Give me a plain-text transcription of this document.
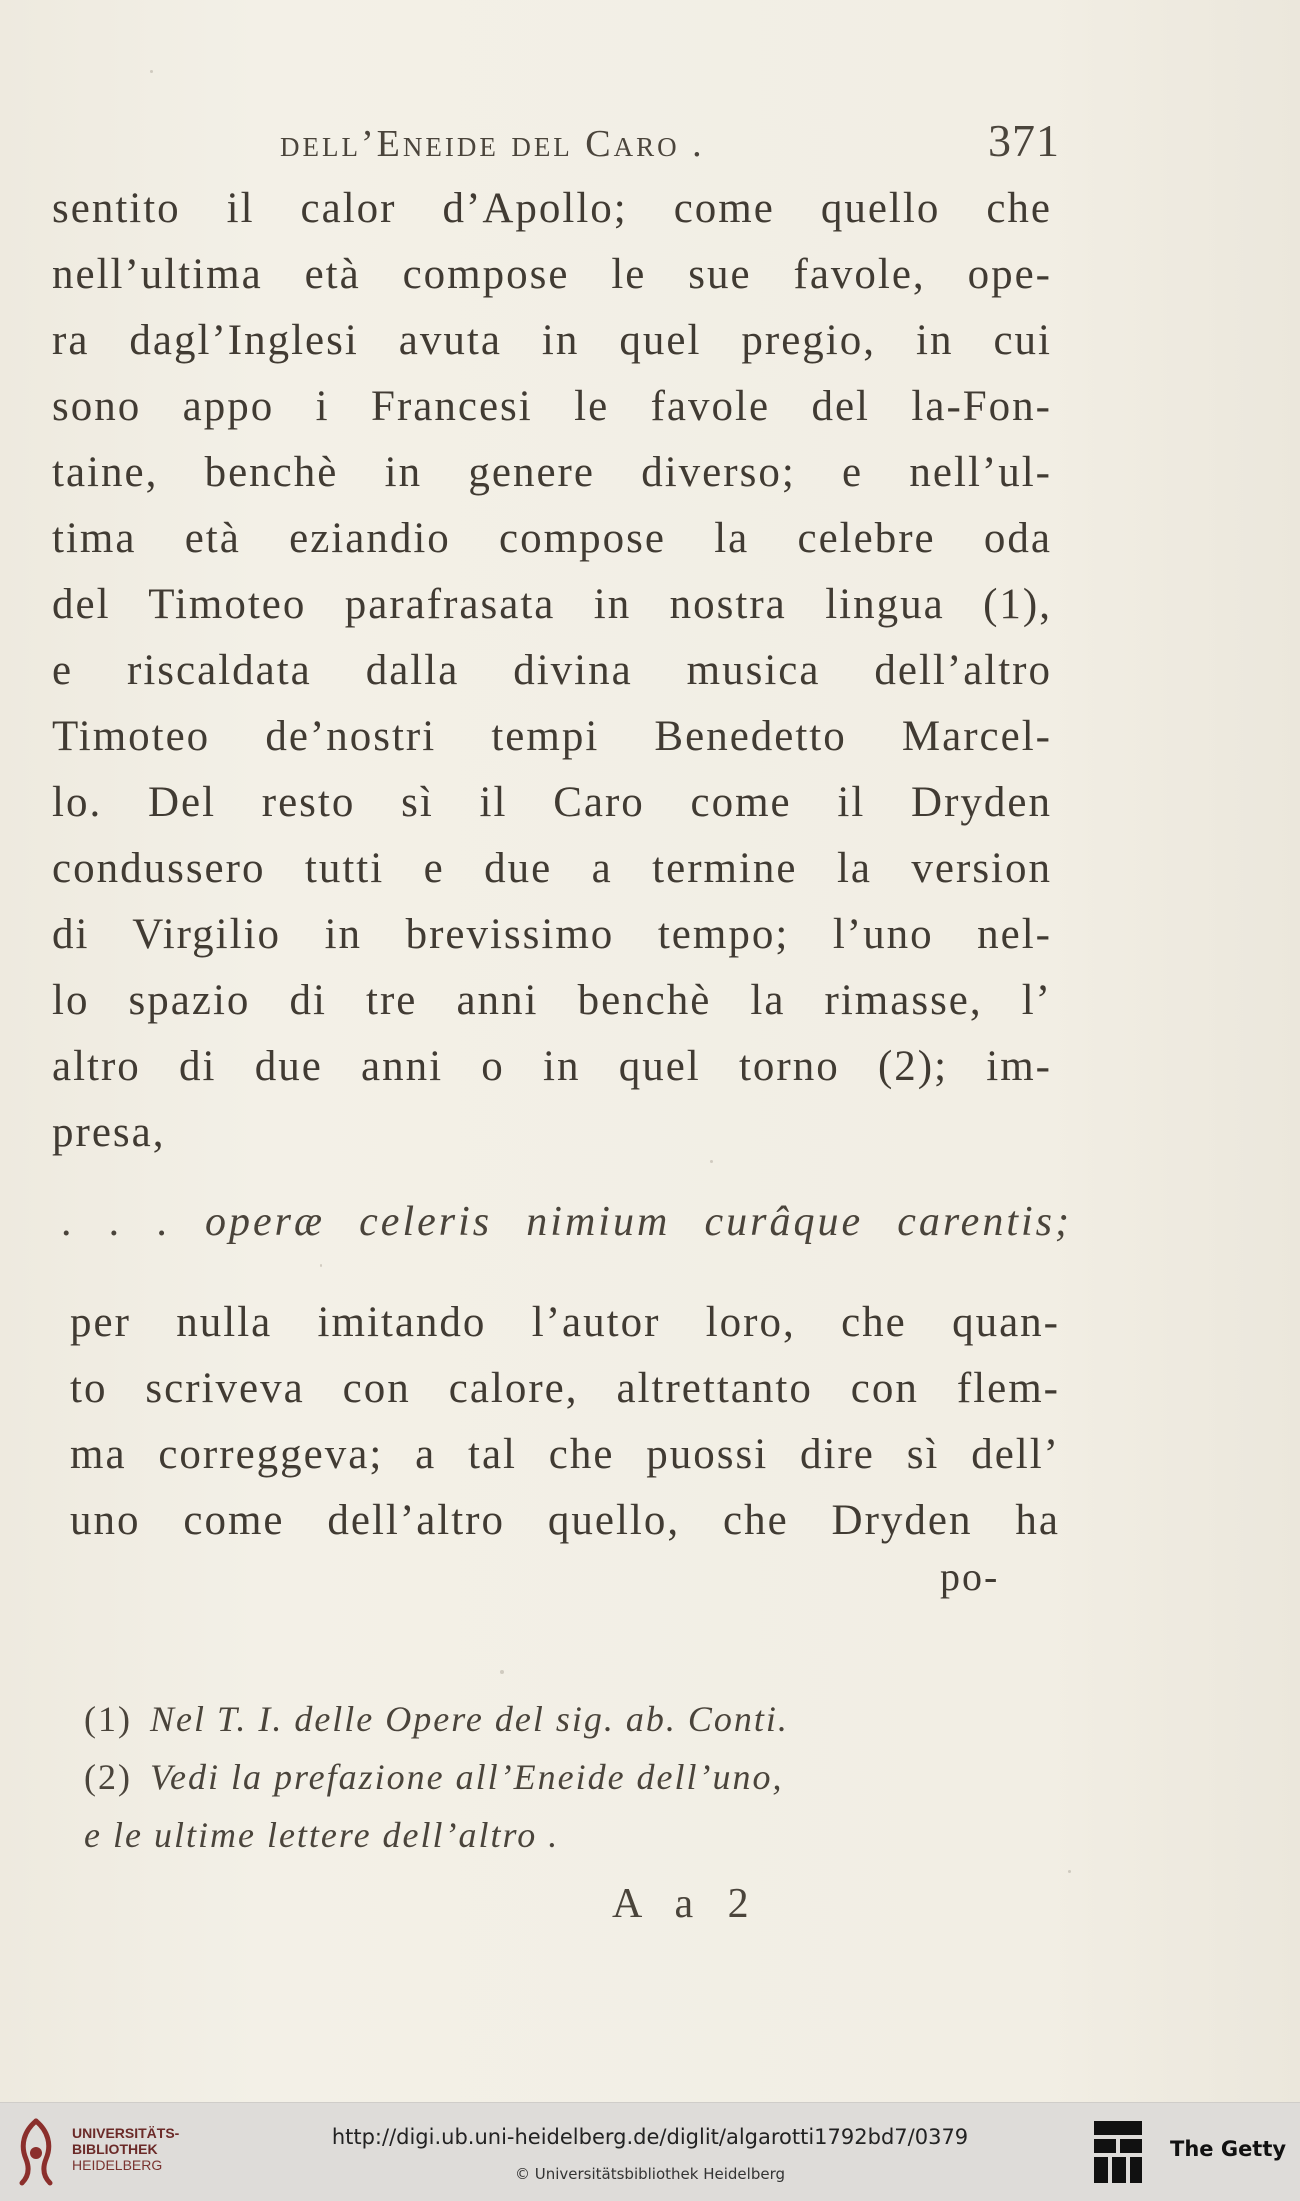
dell’Eneide del Caro .	371
sentito il calor d’Apollo; come quello che
nell’ultima età compose le sue favole, ope-
ra dagl’Inglesi avuta in quel pregio, in cui
sono appo i Francesi le favole del la-Fon-
taine, benchè in genere diverso; e nell’ul-
tima età eziandio compose la celebre oda
del Timoteo parafrasata in nostra lingua (1),
e riscaldata dalla divina musica dell’altro
Timoteo de’nostri tempi Benedetto Marcel-
lo. Del resto sì il Caro come il Dryden
condussero tutti e due a termine la version
di Virgilio in brevissimo tempo; l’uno nel-
lo spazio di tre anni benchè la rimasse, l’
altro di due anni o in quel torno (2); im-
presa,
. . . operæ celeris nimium curâque carentis;
per nulla imitando l’autor loro, che quan-
to scriveva con calore, altrettanto con flem-
ma correggeva; a tal che puossi dire sì dell’
uno come dell’altro quello, che Dryden ha
po-
(1) Nel T. I. delle Opere del sig. ab. Conti.
(2) Vedi la prefazione all’Eneide dell’uno,
e le ultime lettere dell’altro .
A a 2
UNIVERSITÄTS-
BIBLIOTHEK
HEIDELBERG
http://digi.ub.uni-heidelberg.de/diglit/algarotti1792bd7/0379
© Universitätsbibliothek Heidelberg
The Getty
